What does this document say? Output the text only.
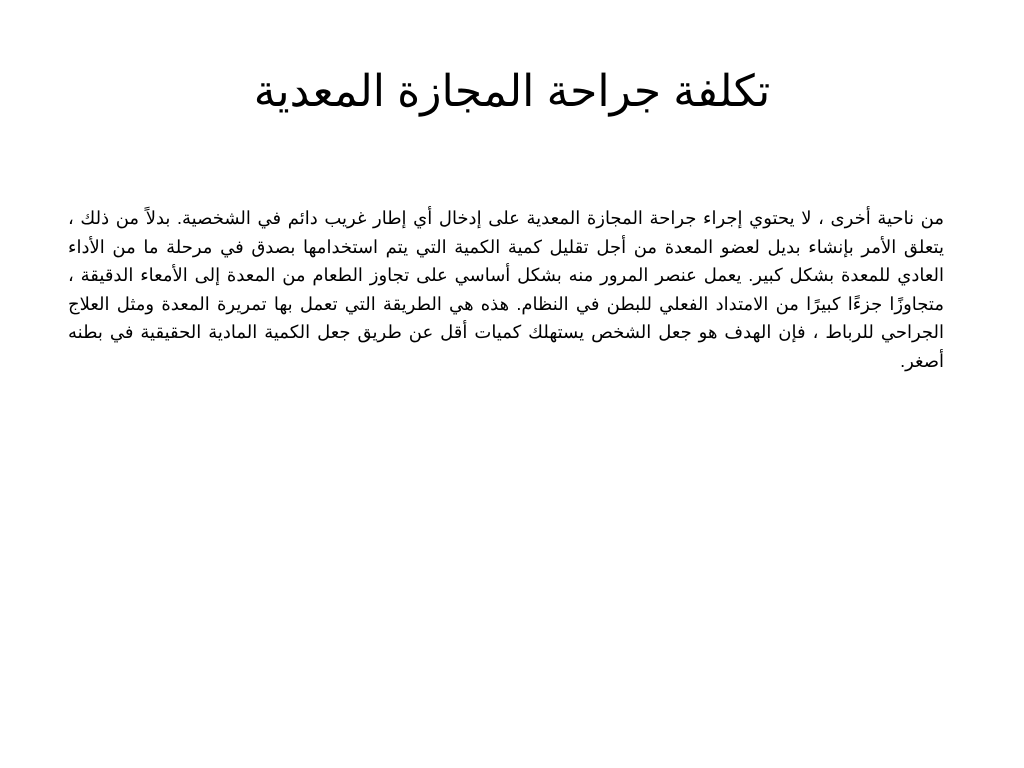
تكلفة جراحة المجازة المعدية

من ناحية أخرى ، لا يحتوي إجراء جراحة المجازة المعدية على إدخال أي إطار غريب دائم في الشخصية. بدلاً من ذلك ، يتعلق الأمر بإنشاء بديل لعضو المعدة من أجل تقليل كمية الكمية التي يتم استخدامها بصدق في مرحلة ما من الأداء العادي للمعدة بشكل كبير. يعمل عنصر المرور منه بشكل أساسي على تجاوز الطعام من المعدة إلى الأمعاء الدقيقة ، متجاوزًا جزءًا كبيرًا من الامتداد الفعلي للبطن في النظام. هذه هي الطريقة التي تعمل بها تمريرة المعدة ومثل العلاج الجراحي للرباط ، فإن الهدف هو جعل الشخص يستهلك كميات أقل عن طريق جعل الكمية المادية الحقيقية في بطنه أصغر.
